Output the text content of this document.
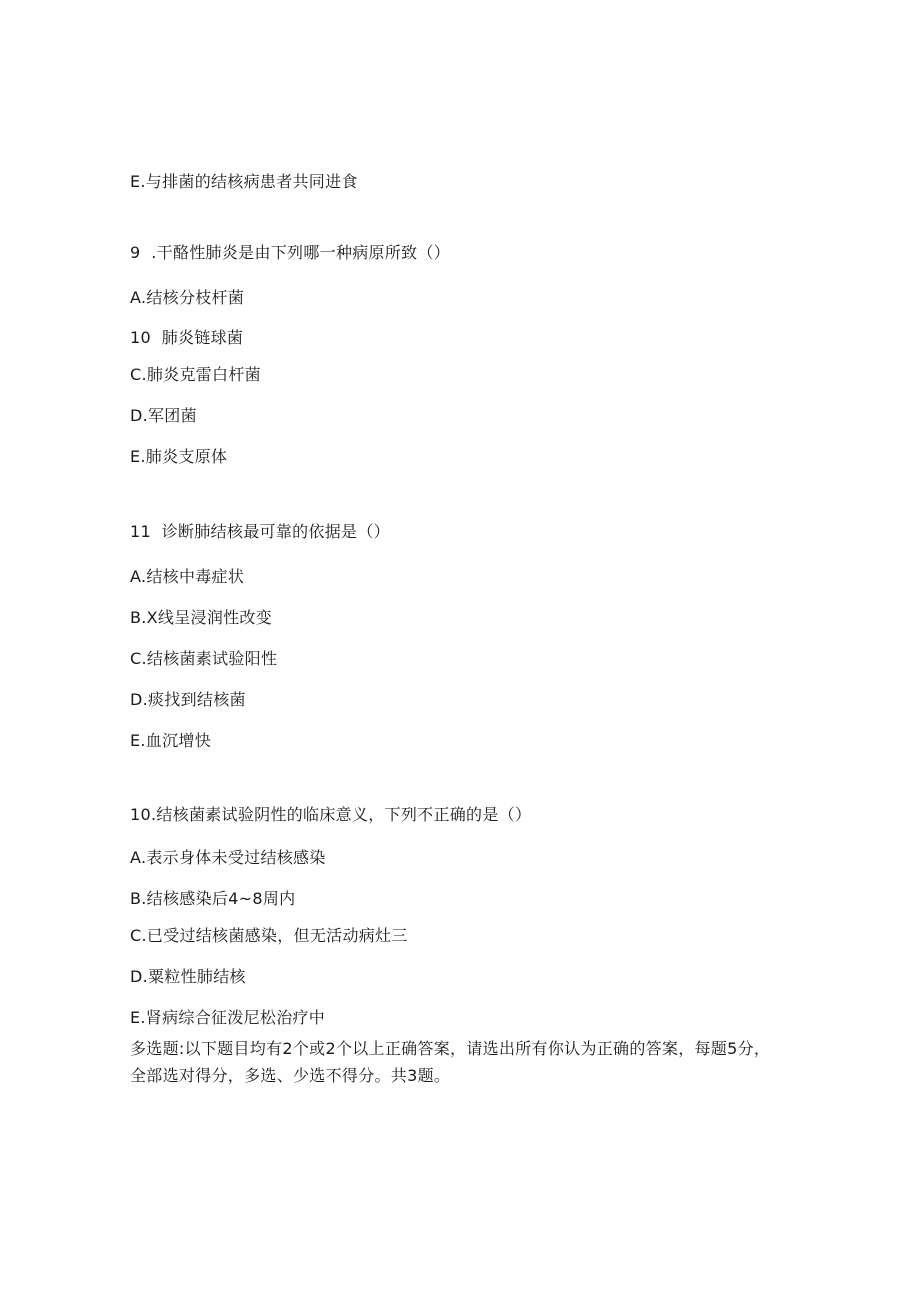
E.与排菌的结核病患者共同进食
9  .干酪性肺炎是由下列哪一种病原所致（）
A.结核分枝杆菌
10  肺炎链球菌
C.肺炎克雷白杆菌
D.军团菌
E.肺炎支原体
11  诊断肺结核最可靠的依据是（）
A.结核中毒症状
B.X线呈浸润性改变
C.结核菌素试验阳性
D.痰找到结核菌
E.血沉增快
10.结核菌素试验阴性的临床意义，下列不正确的是（）
A.表示身体未受过结核感染
B.结核感染后4~8周内
C.已受过结核菌感染，但无活动病灶三
D.粟粒性肺结核
E.肾病综合征泼尼松治疗中
多选题:以下题目均有2个或2个以上正确答案，请选出所有你认为正确的答案，每题5分，全部选对得分，多选、少选不得分。共3题。
